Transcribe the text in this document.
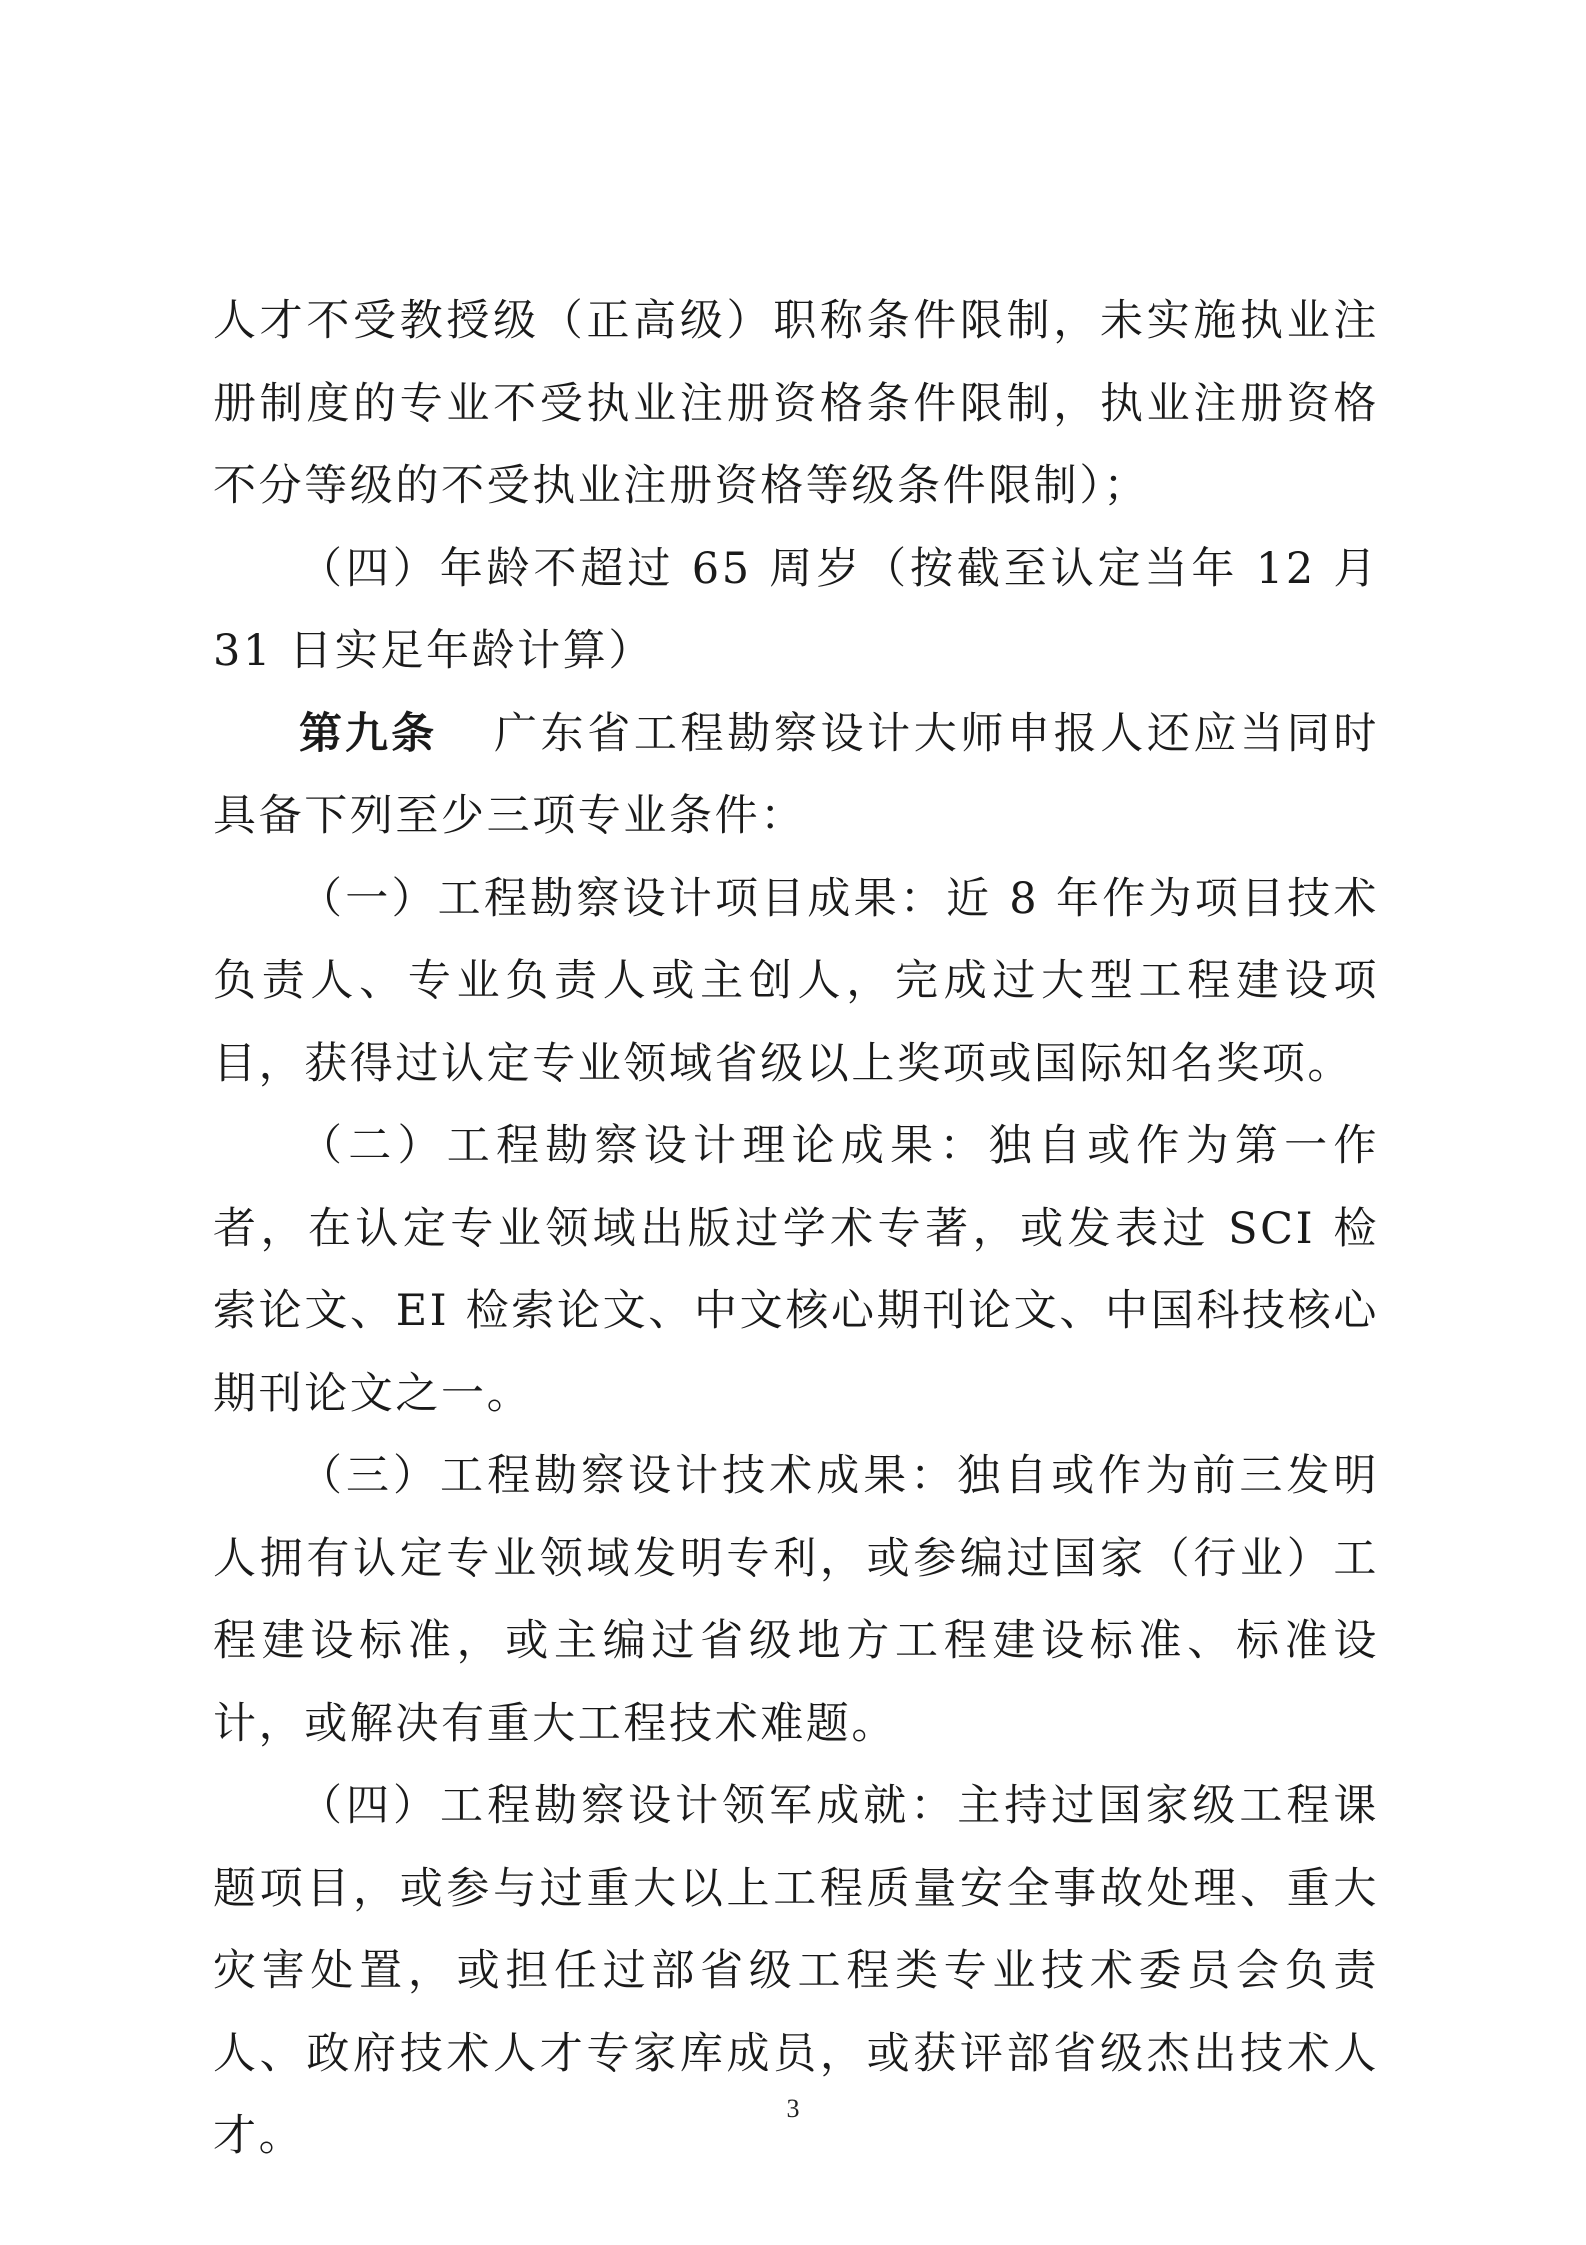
人才不受教授级（正高级）职称条件限制，未实施执业注册制度的专业不受执业注册资格条件限制，执业注册资格不分等级的不受执业注册资格等级条件限制）；

（四）年龄不超过 65 周岁（按截至认定当年 12 月 31 日实足年龄计算）

第九条 广东省工程勘察设计大师申报人还应当同时具备下列至少三项专业条件：

（一）工程勘察设计项目成果：近 8 年作为项目技术负责人、专业负责人或主创人，完成过大型工程建设项目，获得过认定专业领域省级以上奖项或国际知名奖项。

（二）工程勘察设计理论成果：独自或作为第一作者，在认定专业领域出版过学术专著，或发表过 SCI 检索论文、EI 检索论文、中文核心期刊论文、中国科技核心期刊论文之一。

（三）工程勘察设计技术成果：独自或作为前三发明人拥有认定专业领域发明专利，或参编过国家（行业）工程建设标准，或主编过省级地方工程建设标准、标准设计，或解决有重大工程技术难题。

（四）工程勘察设计领军成就：主持过国家级工程课题项目，或参与过重大以上工程质量安全事故处理、重大灾害处置，或担任过部省级工程类专业技术委员会负责人、政府技术人才专家库成员，或获评部省级杰出技术人才。

3
